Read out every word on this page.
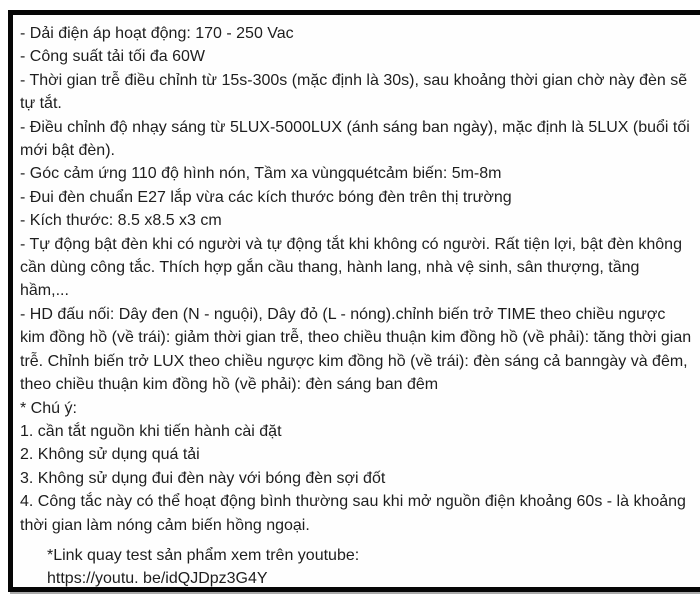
- Dải điện áp hoạt động: 170 - 250 Vac

- Công suất tải tối đa 60W

- Thời gian trễ điều chỉnh từ 15s-300s (mặc định là 30s), sau khoảng thời gian chờ này đèn sẽ tự tắt.

- Điều chỉnh độ nhạy sáng từ 5LUX-5000LUX (ánh sáng ban ngày), mặc định là 5LUX (buổi tối mới bật đèn).

- Góc cảm ứng 110 độ hình nón, Tầm xa vùngquétcảm biến: 5m-8m

- Đui đèn chuẩn E27 lắp vừa các kích thước bóng đèn trên thị trường

- Kích thước: 8.5 x8.5 x3 cm

- Tự động bật đèn khi có người và tự động tắt khi không có người. Rất tiện lợi, bật đèn không cần dùng công tắc. Thích hợp gắn cầu thang, hành lang, nhà vệ sinh, sân thượng, tầng hầm,...

- HD đấu nối: Dây đen (N - nguội), Dây đỏ (L - nóng).chỉnh biến trở TIME theo chiều ngược kim đồng hồ (về trái): giảm thời gian trễ, theo chiều thuận kim đồng hồ (về phải): tăng thời gian trễ. Chỉnh biến trở LUX theo chiều ngược kim đồng hồ (về trái): đèn sáng cả banngày và đêm, theo chiều thuận kim đồng hồ (về phải): đèn sáng ban đêm

* Chú ý:

1. cần tắt nguồn khi tiến hành cài đặt

2. Không sử dụng quá tải

3. Không sử dụng đui đèn này với bóng đèn sợi đốt

4. Công tắc này có thể hoạt động bình thường sau khi mở nguồn điện khoảng 60s - là khoảng thời gian làm nóng cảm biến hồng ngoại.

*Link quay test sản phẩm xem trên youtube:

https://youtu. be/idQJDpz3G4Y
